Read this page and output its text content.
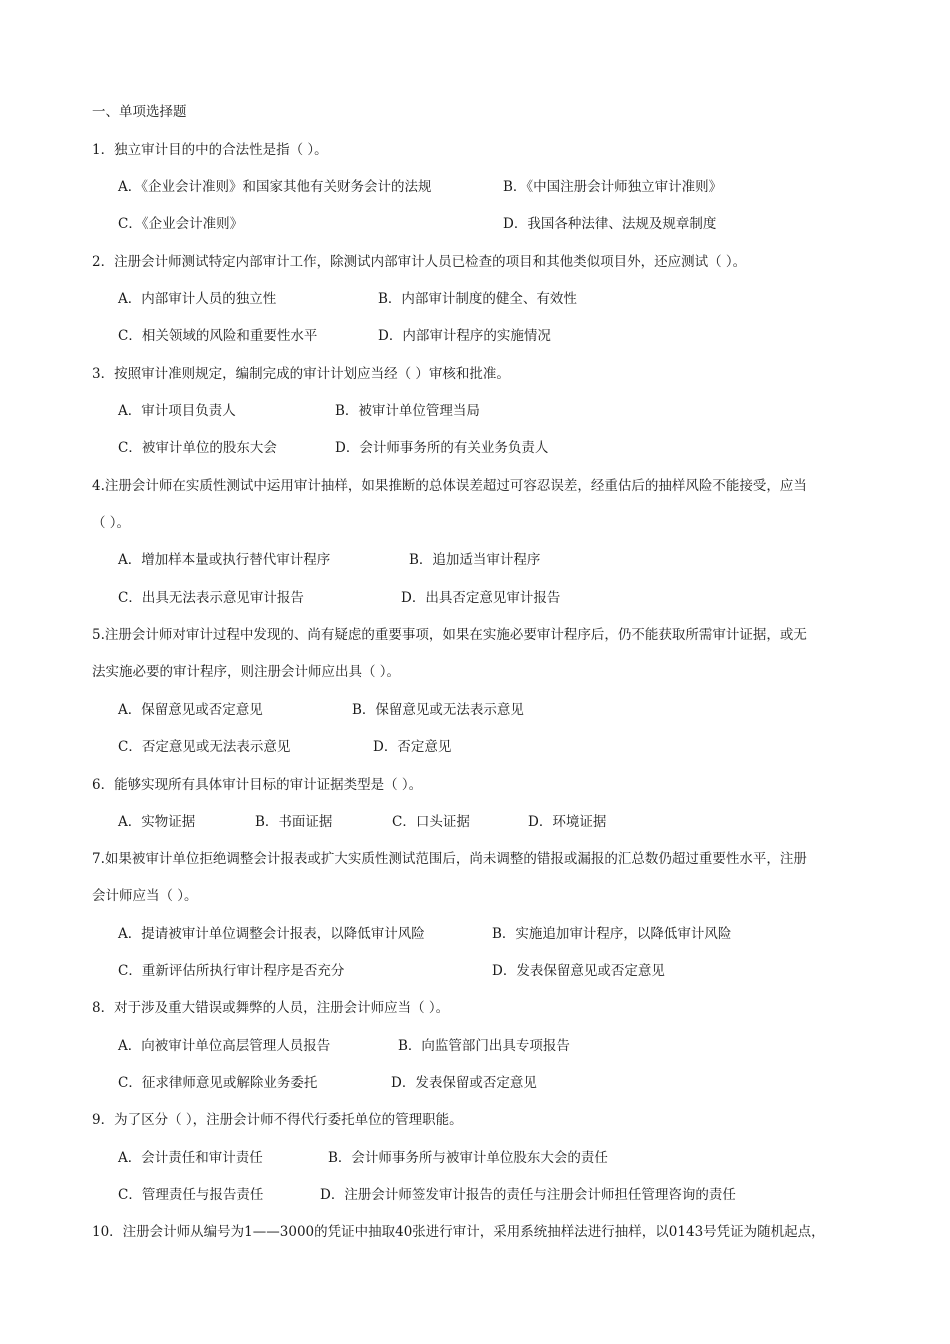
一、单项选择题
1．独立审计目的中的合法性是指（ ）。
A．《企业会计准则》和国家其他有关财务会计的法规	B．《中国注册会计师独立审计准则》
C．《企业会计准则》	D．我国各种法律、法规及规章制度
2．注册会计师测试特定内部审计工作，除测试内部审计人员已检查的项目和其他类似项目外，还应测试（ ）。
A．内部审计人员的独立性	B．内部审计制度的健全、有效性
C．相关领域的风险和重要性水平	D．内部审计程序的实施情况
3．按照审计准则规定，编制完成的审计计划应当经（ ）审核和批准。
A．审计项目负责人	B．被审计单位管理当局
C．被审计单位的股东大会	D．会计师事务所的有关业务负责人
4.注册会计师在实质性测试中运用审计抽样，如果推断的总体误差超过可容忍误差，经重估后的抽样风险不能接受，应当
（ ）。
A．增加样本量或执行替代审计程序	B．追加适当审计程序
C．出具无法表示意见审计报告	D．出具否定意见审计报告
5.注册会计师对审计过程中发现的、尚有疑虑的重要事项，如果在实施必要审计程序后，仍不能获取所需审计证据，或无
法实施必要的审计程序，则注册会计师应出具（ ）。
A．保留意见或否定意见	B．保留意见或无法表示意见
C．否定意见或无法表示意见	D．否定意见
6．能够实现所有具体审计目标的审计证据类型是（ ）。
A．实物证据	B．书面证据	C．口头证据	D．环境证据
7.如果被审计单位拒绝调整会计报表或扩大实质性测试范围后，尚未调整的错报或漏报的汇总数仍超过重要性水平，注册
会计师应当（ ）。
A．提请被审计单位调整会计报表，以降低审计风险	B．实施追加审计程序，以降低审计风险
C．重新评估所执行审计程序是否充分	D．发表保留意见或否定意见
8．对于涉及重大错误或舞弊的人员，注册会计师应当（ ）。
A．向被审计单位高层管理人员报告	B．向监管部门出具专项报告
C．征求律师意见或解除业务委托	D．发表保留或否定意见
9．为了区分（ ），注册会计师不得代行委托单位的管理职能。
A．会计责任和审计责任	B．会计师事务所与被审计单位股东大会的责任
C．管理责任与报告责任	D．注册会计师签发审计报告的责任与注册会计师担任管理咨询的责任
10．注册会计师从编号为1——3000的凭证中抽取40张进行审计，采用系统抽样法进行抽样，以0143号凭证为随机起点，
